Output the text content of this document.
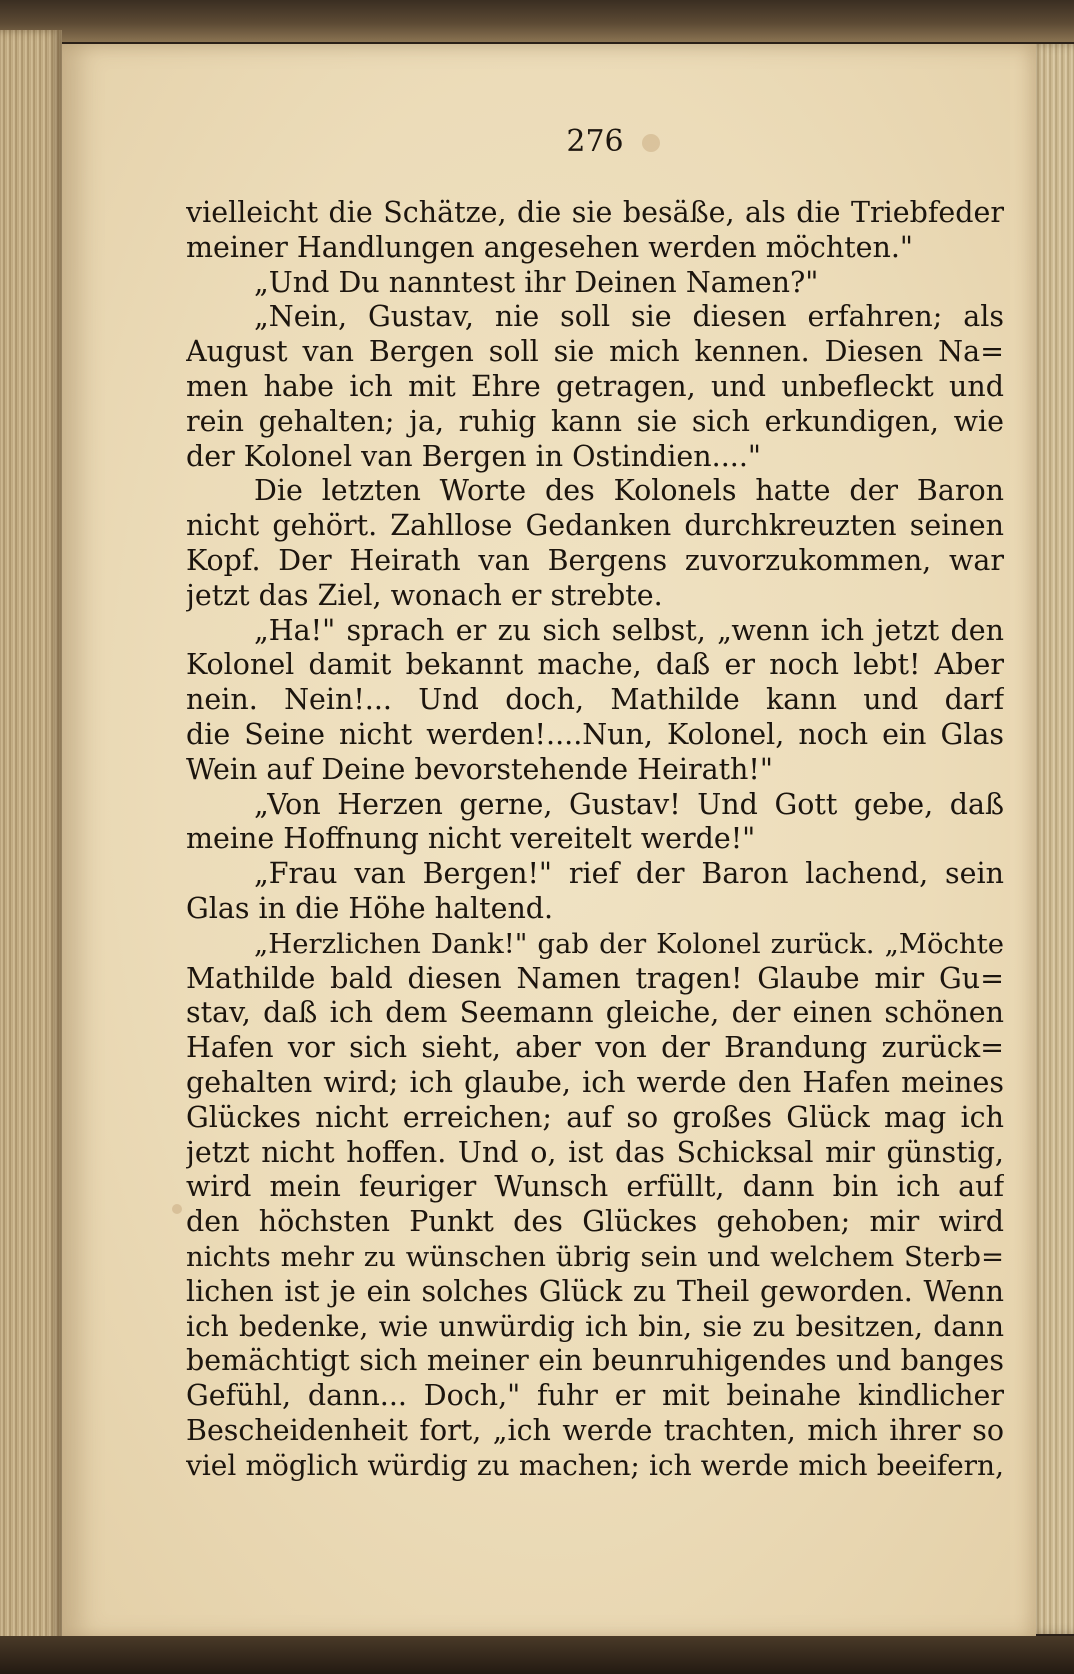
276
vielleicht die Schätze, die sie besäße, als die Triebfeder
meiner Handlungen angesehen werden möchten."
„Und Du nanntest ihr Deinen Namen?"
„Nein, Gustav, nie soll sie diesen erfahren; als
August van Bergen soll sie mich kennen. Diesen Na=
men habe ich mit Ehre getragen, und unbefleckt und
rein gehalten; ja, ruhig kann sie sich erkundigen, wie
der Kolonel van Bergen in Ostindien...."
Die letzten Worte des Kolonels hatte der Baron
nicht gehört. Zahllose Gedanken durchkreuzten seinen
Kopf. Der Heirath van Bergens zuvorzukommen, war
jetzt das Ziel, wonach er strebte.
„Ha!" sprach er zu sich selbst, „wenn ich jetzt den
Kolonel damit bekannt mache, daß er noch lebt! Aber
nein. Nein!... Und doch, Mathilde kann und darf
die Seine nicht werden!....Nun, Kolonel, noch ein Glas
Wein auf Deine bevorstehende Heirath!"
„Von Herzen gerne, Gustav! Und Gott gebe, daß
meine Hoffnung nicht vereitelt werde!"
„Frau van Bergen!" rief der Baron lachend, sein
Glas in die Höhe haltend.
„Herzlichen Dank!" gab der Kolonel zurück. „Möchte
Mathilde bald diesen Namen tragen! Glaube mir Gu=
stav, daß ich dem Seemann gleiche, der einen schönen
Hafen vor sich sieht, aber von der Brandung zurück=
gehalten wird; ich glaube, ich werde den Hafen meines
Glückes nicht erreichen; auf so großes Glück mag ich
jetzt nicht hoffen. Und o, ist das Schicksal mir günstig,
wird mein feuriger Wunsch erfüllt, dann bin ich auf
den höchsten Punkt des Glückes gehoben; mir wird
nichts mehr zu wünschen übrig sein und welchem Sterb=
lichen ist je ein solches Glück zu Theil geworden. Wenn
ich bedenke, wie unwürdig ich bin, sie zu besitzen, dann
bemächtigt sich meiner ein beunruhigendes und banges
Gefühl, dann... Doch," fuhr er mit beinahe kindlicher
Bescheidenheit fort, „ich werde trachten, mich ihrer so
viel möglich würdig zu machen; ich werde mich beeifern,
